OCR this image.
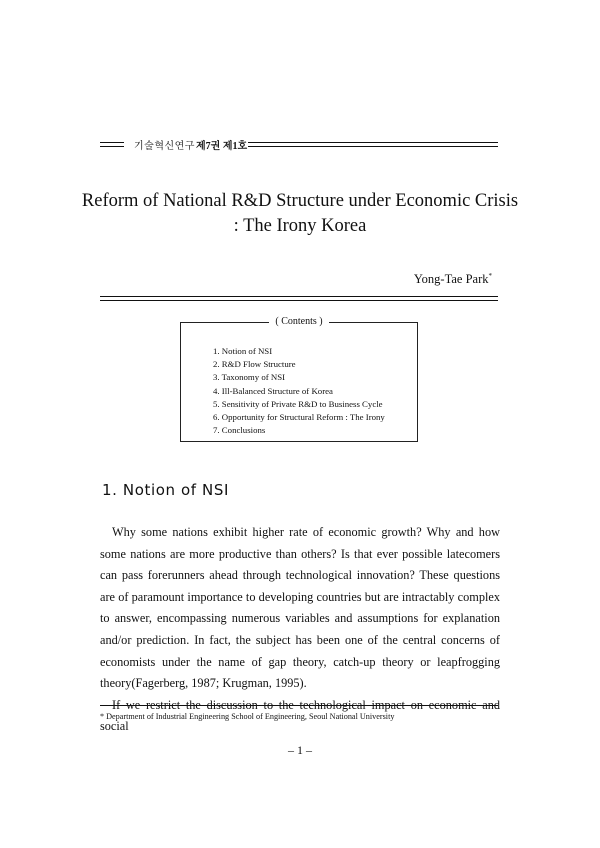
기술혁신연구 제7권 제1호
Reform of National R&D Structure under Economic Crisis
: The Irony Korea
Yong-Tae Park*
( Contents )
1. Notion of NSI
2. R&D Flow Structure
3. Taxonomy of NSI
4. Ill-Balanced Structure of Korea
5. Sensitivity of Private R&D to Business Cycle
6. Opportunity for Structural Reform : The Irony
7. Conclusions
1. Notion of NSI

Why some nations exhibit higher rate of economic growth? Why and how some nations are more productive than others? Is that ever possible latecomers can pass forerunners ahead through technological innovation? These questions are of paramount importance to developing countries but are intractably complex to answer, encompassing numerous variables and assumptions for explanation and/or prediction. In fact, the subject has been one of the central concerns of economists under the name of gap theory, catch-up theory or leapfrogging theory(Fagerberg, 1987; Krugman, 1995).

If we restrict the discussion to the technological impact on economic and social

* Department of Industrial Engineering School of Engineering, Seoul National University
– 1 –
